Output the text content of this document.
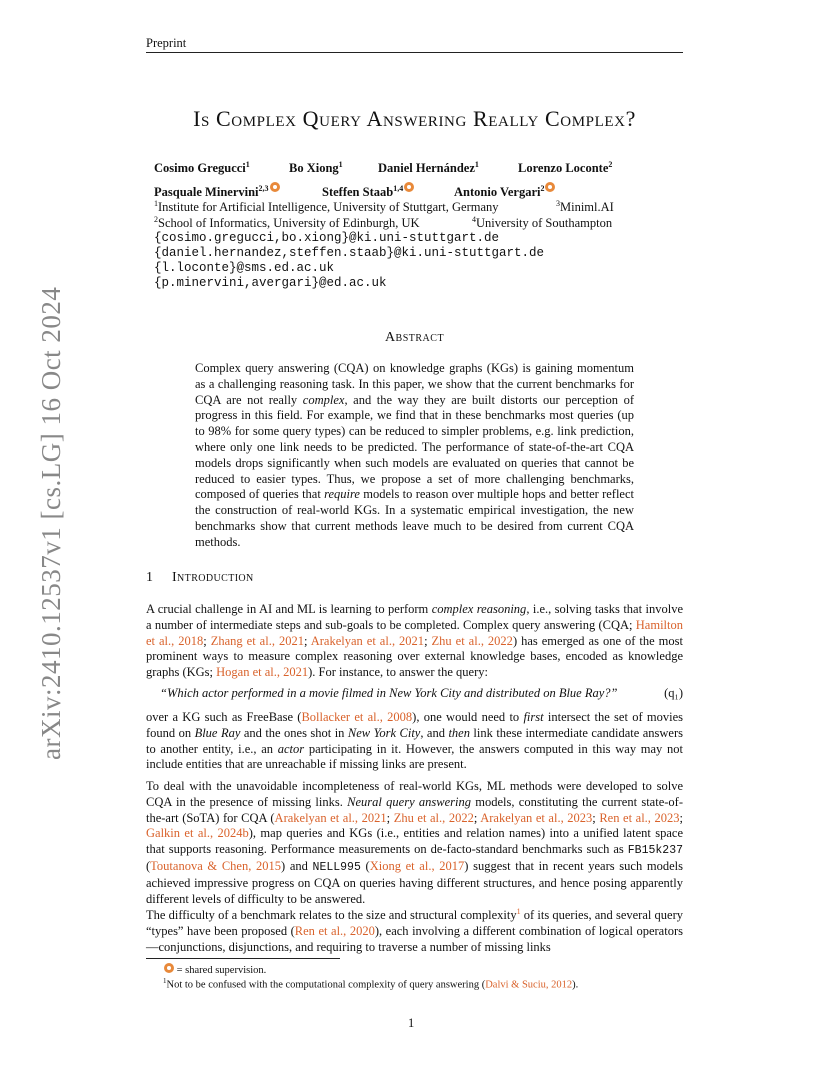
Preprint
arXiv:2410.12537v1 [cs.LG] 16 Oct 2024
Is Complex Query Answering Really Complex?
Cosimo Gregucci$^1$	Bo Xiong$^1$	Daniel Hernández$^1$	Lorenzo Loconte$^2$
Pasquale Minervini$^{2,3}$	Steffen Staab$^{1,4}$	Antonio Vergari$^2$
$^1$Institute for Artificial Intelligence, University of Stuttgart, Germany	$^3$Miniml.AI
$^2$School of Informatics, University of Edinburgh, UK	$^4$University of Southampton
{cosimo.gregucci,bo.xiong}@ki.uni-stuttgart.de
{daniel.hernandez,steffen.staab}@ki.uni-stuttgart.de
{l.loconte}@sms.ed.ac.uk
{p.minervini,avergari}@ed.ac.uk
Abstract
Complex query answering (CQA) on knowledge graphs (KGs) is gaining momentum as a challenging reasoning task. In this paper, we show that the current benchmarks for CQA are not really complex, and the way they are built distorts our perception of progress in this field. For example, we find that in these benchmarks most queries (up to 98% for some query types) can be reduced to simpler problems, e.g. link prediction, where only one link needs to be predicted. The performance of state-of-the-art CQA models drops significantly when such models are evaluated on queries that cannot be reduced to easier types. Thus, we propose a set of more challenging benchmarks, composed of queries that require models to reason over multiple hops and better reflect the construction of real-world KGs. In a systematic empirical investigation, the new benchmarks show that current methods leave much to be desired from current CQA methods.
1 Introduction
A crucial challenge in AI and ML is learning to perform complex reasoning, i.e., solving tasks that involve a number of intermediate steps and sub-goals to be completed. Complex query answering (CQA; Hamilton et al., 2018; Zhang et al., 2021; Arakelyan et al., 2021; Zhu et al., 2022) has emerged as one of the most prominent ways to measure complex reasoning over external knowledge bases, encoded as knowledge graphs (KGs; Hogan et al., 2021). For instance, to answer the query:
“Which actor performed in a movie filmed in New York City and distributed on Blue Ray?”	(q₁)
over a KG such as FreeBase (Bollacker et al., 2008), one would need to first intersect the set of movies found on Blue Ray and the ones shot in New York City, and then link these intermediate candidate answers to another entity, i.e., an actor participating in it. However, the answers computed in this way may not include entities that are unreachable if missing links are present.
To deal with the unavoidable incompleteness of real-world KGs, ML methods were developed to solve CQA in the presence of missing links. Neural query answering models, constituting the current state-of-the-art (SoTA) for CQA (Arakelyan et al., 2021; Zhu et al., 2022; Arakelyan et al., 2023; Ren et al., 2023; Galkin et al., 2024b), map queries and KGs (i.e., entities and relation names) into a unified latent space that supports reasoning. Performance measurements on de-facto-standard benchmarks such as FB15k237 (Toutanova & Chen, 2015) and NELL995 (Xiong et al., 2017) suggest that in recent years such models achieved impressive progress on CQA on queries having different structures, and hence posing apparently different levels of difficulty to be answered.
The difficulty of a benchmark relates to the size and structural complexity$^1$ of its queries, and several query “types” have been proposed (Ren et al., 2020), each involving a different combination of logical operators—conjunctions, disjunctions, and requiring to traverse a number of missing links
= shared supervision.
$^1$Not to be confused with the computational complexity of query answering (Dalvi & Suciu, 2012).
1
